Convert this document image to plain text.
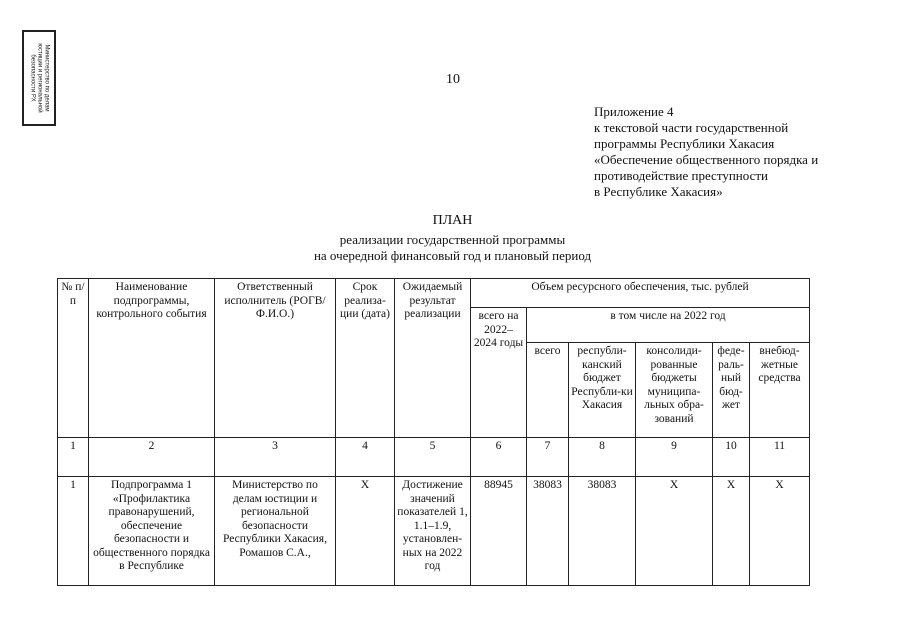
Министерство по делам юстиции и региональной безопасности РХ	10
Приложение 4
к текстовой части государственной
программы Республики Хакасия
«Обеспечение общественного порядка и
противодействие преступности
в Республике Хакасия»
ПЛАН
реализации государственной программы
на очередной финансовый год и плановый период
№ п/п	Наименование подпрограммы, контрольного события	Ответственный исполнитель (РОГВ/Ф.И.О.)	Срок реализа-ции (дата)	Ожидаемый результат реализации	Объем ресурсного обеспечения, тыс. рублей					
					всего на 2022–2024 годы	в том числе на 2022 год				
						всего	республи-канский бюджет Республи-ки Хакасия	консолиди-рованные бюджеты муниципа-льных обра-зований	феде-раль-ный бюд-жет	внебюд-жетные средства
1	2	3	4	5	6	7	8	9	10	11
1	Подпрограмма 1 «Профилактика правонарушений, обеспечение безопасности и общественного порядка в Республике	Министерство по делам юстиции и региональной безопасности Республики Хакасия, Ромашов С.А.,	Х	Достижение значений показателей 1, 1.1–1.9, установлен-ных на 2022 год	88945	38083	38083	Х	Х	Х
